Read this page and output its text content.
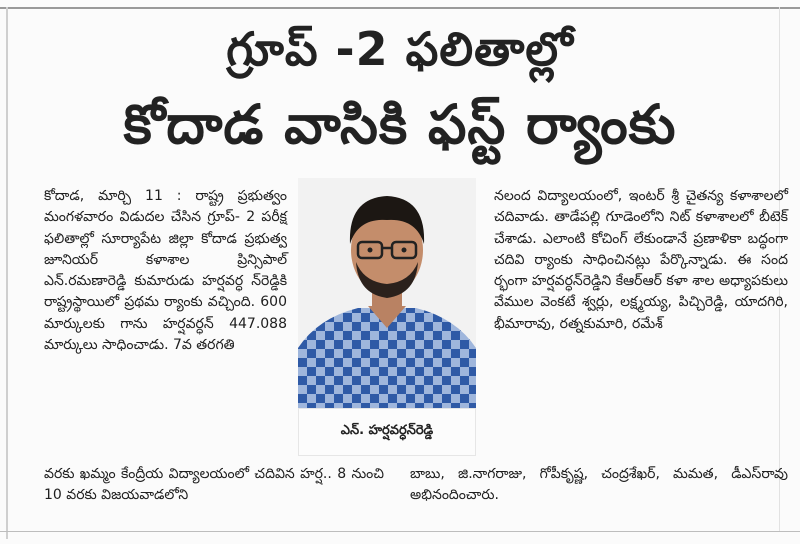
గ్రూప్ -2 ఫలితాల్లో
కోదాడ వాసికి ఫస్ట్ ర్యాంకు
కోదాడ, మార్చి 11 : రాష్ట్ర ప్రభుత్వం మంగళవారం విడుదల చేసిన గ్రూప్- 2 పరీక్ష ఫలితాల్లో సూర్యాపేట జిల్లా కోదాడ ప్రభుత్వ జూనియర్ కళాశాల ప్రిన్సిపాల్ ఎన్.రమణారెడ్డి కుమారుడు హర్షవర్ధ న్‌రెడ్డికి రాష్ట్రస్థాయిలో ప్రథమ ర్యాంకు వచ్చింది. 600 మార్కులకు గాను హర్షవర్ధన్ 447.088 మార్కులు సాధించాడు. 7వ తరగతి
ఎన్. హర్షవర్ధన్‌రెడ్డి
నలంద విద్యాలయంలో, ఇంటర్ శ్రీ చైతన్య కళాశాలలో చదివాడు. తాడేపల్లి గూడెంలోని నిట్ కళాశాలలో బీటెక్ చేశాడు. ఎలాంటి కోచింగ్ లేకుండానే ప్రణాళికా బద్ధంగా చదివి ర్యాంకు సాధించినట్లు పేర్కొన్నాడు. ఈ సంద ర్భంగా హర్షవర్ధన్‌రెడ్డిని కేఆర్‌ఆర్ కళా శాల అధ్యాపకులు వేముల వెంకటే శ్వర్లు, లక్ష్మయ్య, పిచ్చిరెడ్డి, యాదగిరి, భీమారావు, రత్నకుమారి, రమేశ్
వరకు ఖమ్మం కేంద్రీయ విద్యాలయంలో చదివిన హర్ష.. 8 నుంచి 10 వరకు విజయవాడలోని
బాబు, జి.నాగరాజు, గోపీకృష్ణ, చంద్రశేఖర్, మమత, డీఎస్‌రావు అభినందించారు.
